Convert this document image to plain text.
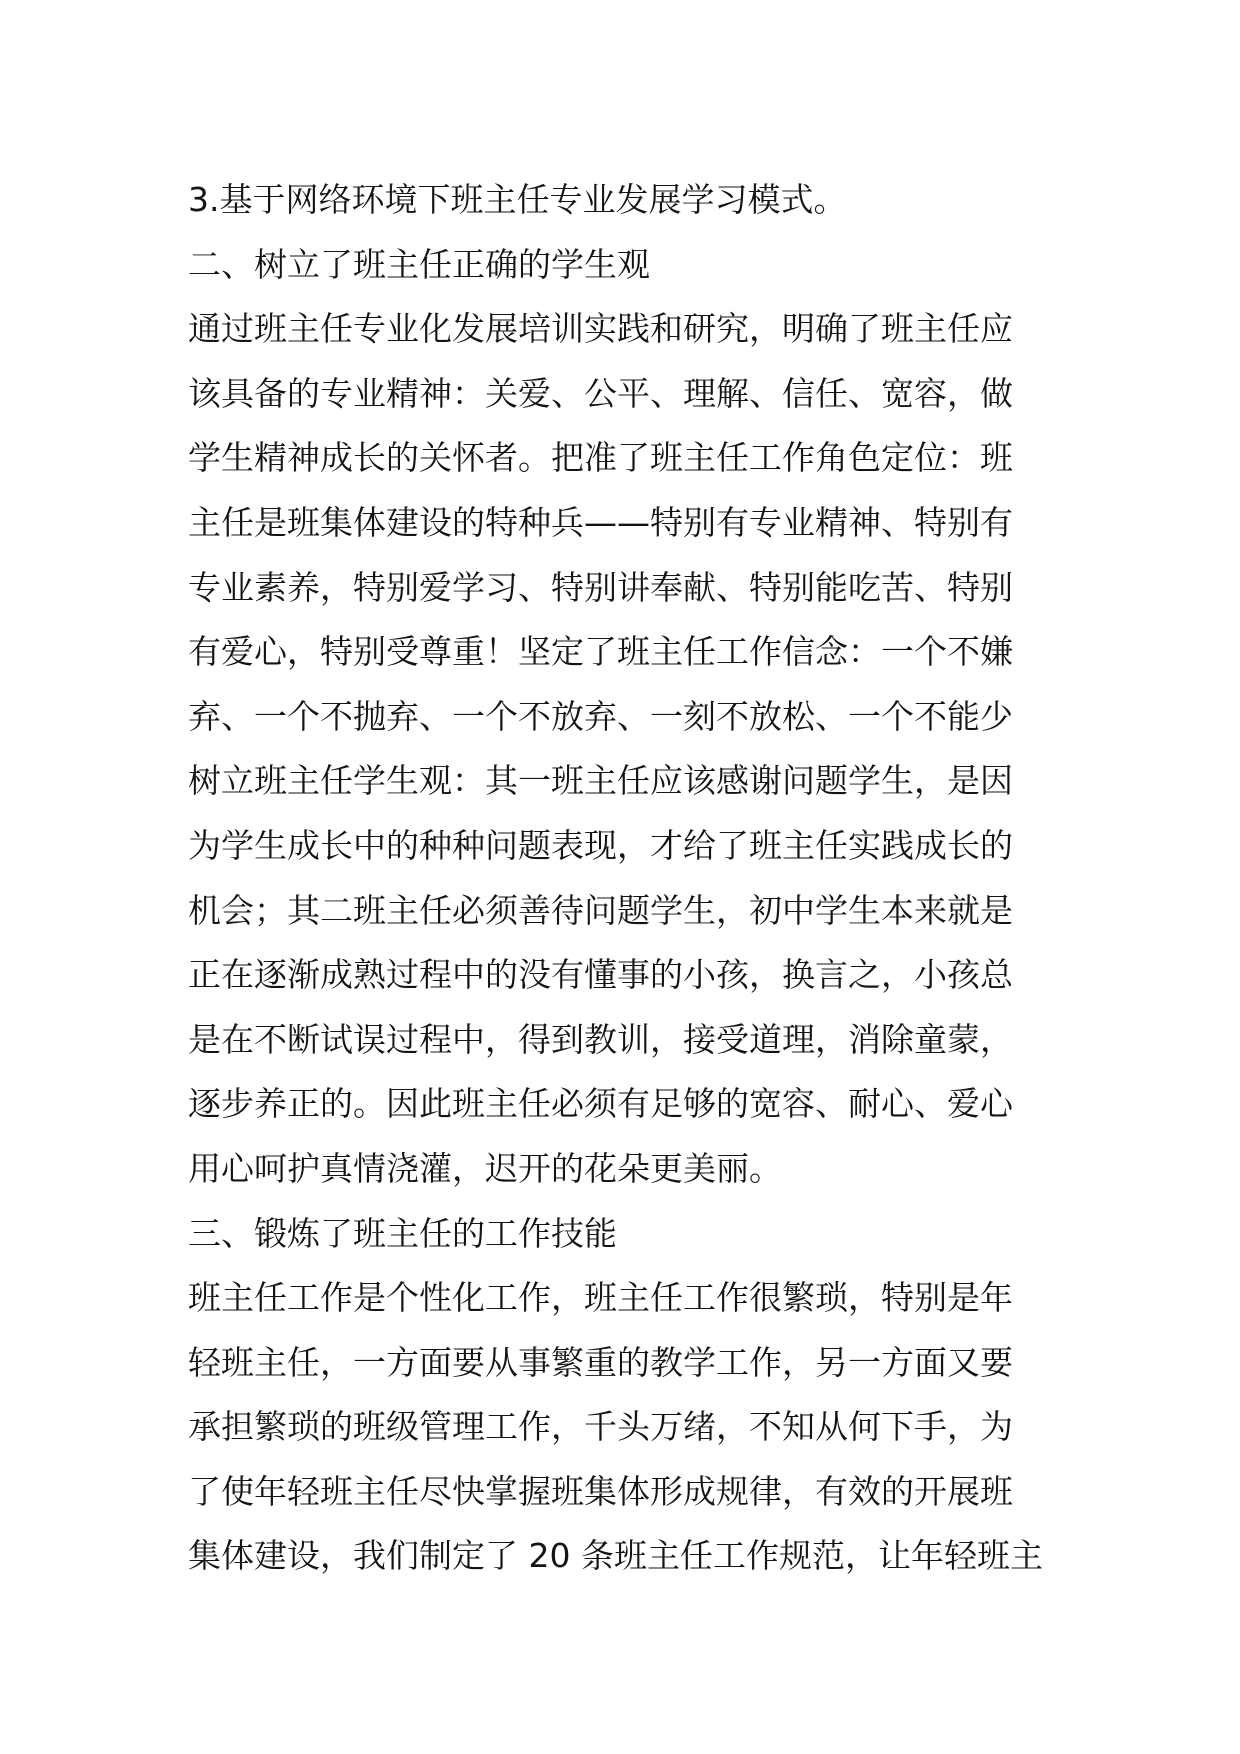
3.基于网络环境下班主任专业发展学习模式。
二、树立了班主任正确的学生观
通过班主任专业化发展培训实践和研究，明确了班主任应
该具备的专业精神：关爱、公平、理解、信任、宽容，做
学生精神成长的关怀者。把准了班主任工作角色定位：班
主任是班集体建设的特种兵——特别有专业精神、特别有
专业素养，特别爱学习、特别讲奉献、特别能吃苦、特别
有爱心，特别受尊重！坚定了班主任工作信念：一个不嫌
弃、一个不抛弃、一个不放弃、一刻不放松、一个不能少
树立班主任学生观：其一班主任应该感谢问题学生，是因
为学生成长中的种种问题表现，才给了班主任实践成长的
机会；其二班主任必须善待问题学生，初中学生本来就是
正在逐渐成熟过程中的没有懂事的小孩，换言之，小孩总
是在不断试误过程中，得到教训，接受道理，消除童蒙，
逐步养正的。因此班主任必须有足够的宽容、耐心、爱心
用心呵护真情浇灌，迟开的花朵更美丽。
三、锻炼了班主任的工作技能
班主任工作是个性化工作，班主任工作很繁琐，特别是年
轻班主任，一方面要从事繁重的教学工作，另一方面又要
承担繁琐的班级管理工作，千头万绪，不知从何下手，为
了使年轻班主任尽快掌握班集体形成规律，有效的开展班
集体建设，我们制定了 20 条班主任工作规范，让年轻班主
